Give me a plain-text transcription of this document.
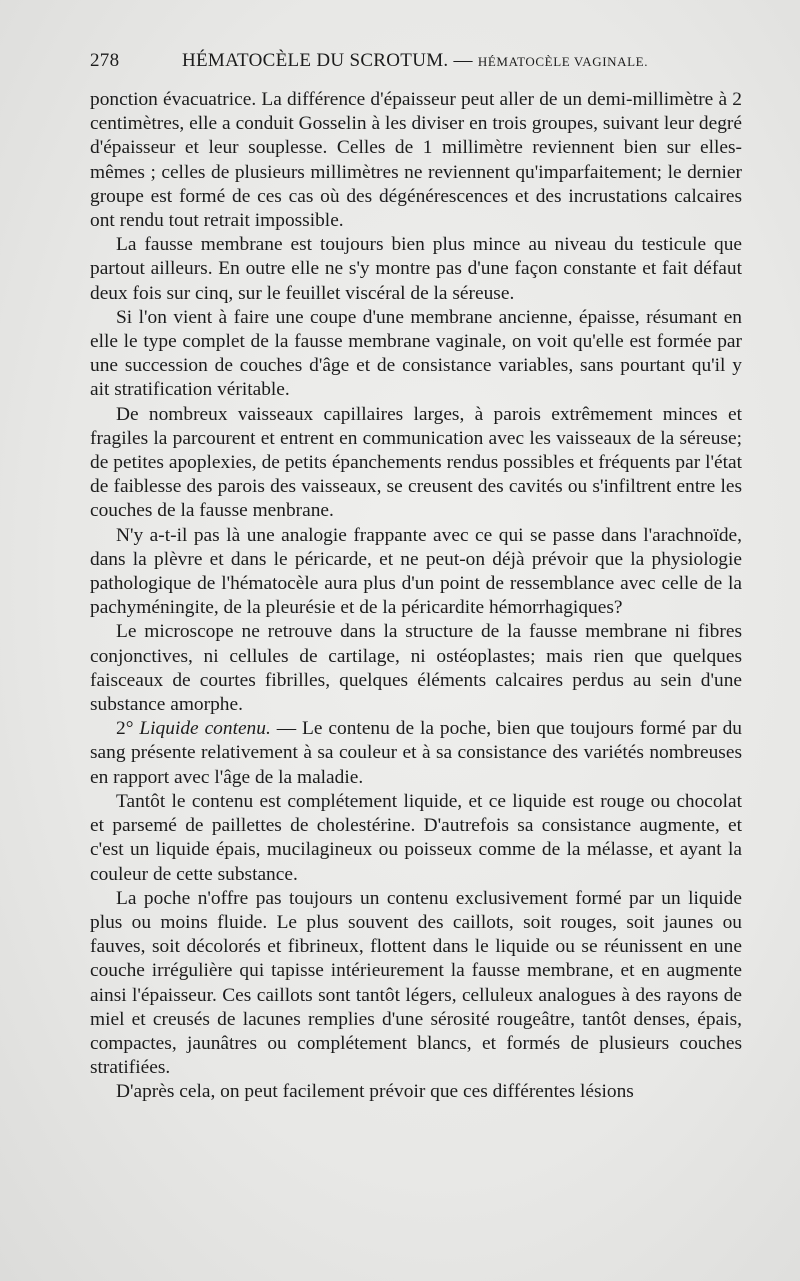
278	HÉMATOCÈLE DU SCROTUM. — HÉMATOCÈLE VAGINALE.

ponction évacuatrice. La différence d'épaisseur peut aller de un demi-millimètre à 2 centimètres, elle a conduit Gosselin à les diviser en trois groupes, suivant leur degré d'épaisseur et leur souplesse. Celles de 1 millimètre reviennent bien sur elles-mêmes ; celles de plusieurs millimètres ne reviennent qu'imparfaitement; le dernier groupe est formé de ces cas où des dégénérescences et des incrustations calcaires ont rendu tout retrait impossible.

La fausse membrane est toujours bien plus mince au niveau du testicule que partout ailleurs. En outre elle ne s'y montre pas d'une façon constante et fait défaut deux fois sur cinq, sur le feuillet viscéral de la séreuse.

Si l'on vient à faire une coupe d'une membrane ancienne, épaisse, résumant en elle le type complet de la fausse membrane vaginale, on voit qu'elle est formée par une succession de couches d'âge et de consistance variables, sans pourtant qu'il y ait stratification véritable.

De nombreux vaisseaux capillaires larges, à parois extrêmement minces et fragiles la parcourent et entrent en communication avec les vaisseaux de la séreuse; de petites apoplexies, de petits épanchements rendus possibles et fréquents par l'état de faiblesse des parois des vaisseaux, se creusent des cavités ou s'infiltrent entre les couches de la fausse menbrane.

N'y a-t-il pas là une analogie frappante avec ce qui se passe dans l'arachnoïde, dans la plèvre et dans le péricarde, et ne peut-on déjà prévoir que la physiologie pathologique de l'hématocèle aura plus d'un point de ressemblance avec celle de la pachyméningite, de la pleurésie et de la péricardite hémorrhagiques?

Le microscope ne retrouve dans la structure de la fausse membrane ni fibres conjonctives, ni cellules de cartilage, ni ostéoplastes; mais rien que quelques faisceaux de courtes fibrilles, quelques éléments calcaires perdus au sein d'une substance amorphe.

2° Liquide contenu. — Le contenu de la poche, bien que toujours formé par du sang présente relativement à sa couleur et à sa consistance des variétés nombreuses en rapport avec l'âge de la maladie.

Tantôt le contenu est complétement liquide, et ce liquide est rouge ou chocolat et parsemé de paillettes de cholestérine. D'autrefois sa consistance augmente, et c'est un liquide épais, mucilagineux ou poisseux comme de la mélasse, et ayant la couleur de cette substance.

La poche n'offre pas toujours un contenu exclusivement formé par un liquide plus ou moins fluide. Le plus souvent des caillots, soit rouges, soit jaunes ou fauves, soit décolorés et fibrineux, flottent dans le liquide ou se réunissent en une couche irrégulière qui tapisse intérieurement la fausse membrane, et en augmente ainsi l'épaisseur. Ces caillots sont tantôt légers, celluleux analogues à des rayons de miel et creusés de lacunes remplies d'une sérosité rougeâtre, tantôt denses, épais, compactes, jaunâtres ou complétement blancs, et formés de plusieurs couches stratifiées.

D'après cela, on peut facilement prévoir que ces différentes lésions
